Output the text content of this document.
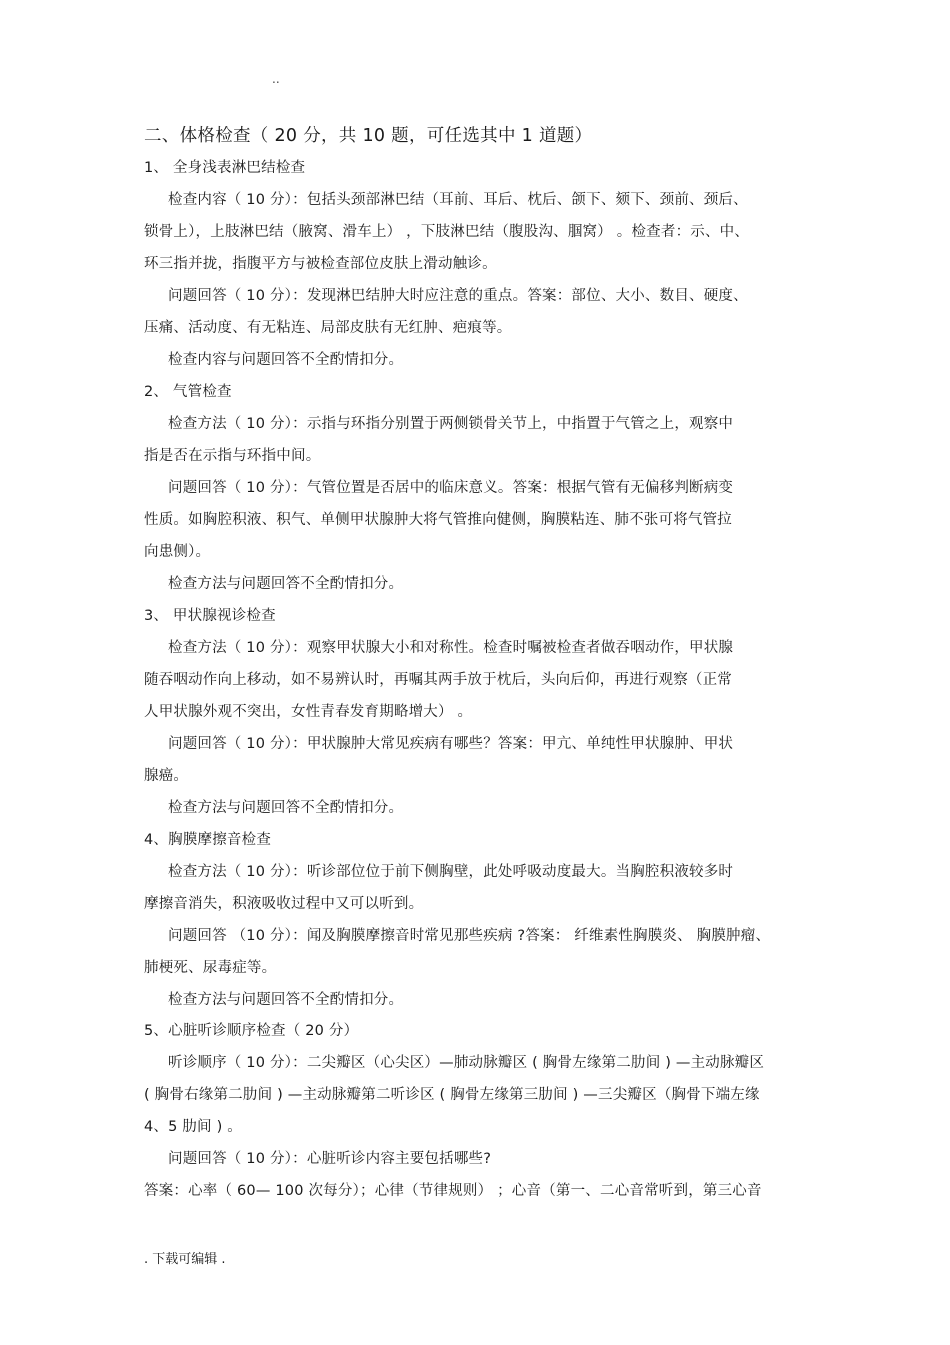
..
二、体格检查（ 20 分，共 10 题，可任选其中 1 道题）
1、 全身浅表淋巴结检查
检查内容（ 10 分）：包括头颈部淋巴结（耳前、耳后、枕后、颌下、颏下、颈前、颈后、
锁骨上），上肢淋巴结（腋窝、滑车上） ，下肢淋巴结（腹股沟、腘窝） 。检查者：示、中、
环三指并拢，指腹平方与被检查部位皮肤上滑动触诊。
问题回答（ 10 分）：发现淋巴结肿大时应注意的重点。答案：部位、大小、数目、硬度、
压痛、活动度、有无粘连、局部皮肤有无红肿、疤痕等。
检查内容与问题回答不全酌情扣分。
2、 气管检查
检查方法（ 10 分）：示指与环指分别置于两侧锁骨关节上，中指置于气管之上，观察中
指是否在示指与环指中间。
问题回答（ 10 分）：气管位置是否居中的临床意义。答案：根据气管有无偏移判断病变
性质。如胸腔积液、积气、单侧甲状腺肿大将气管推向健侧，胸膜粘连、肺不张可将气管拉
向患侧）。
检查方法与问题回答不全酌情扣分。
3、 甲状腺视诊检查
检查方法（ 10 分）：观察甲状腺大小和对称性。检查时嘱被检查者做吞咽动作，甲状腺
随吞咽动作向上移动，如不易辨认时，再嘱其两手放于枕后，头向后仰，再进行观察（正常
人甲状腺外观不突出，女性青春发育期略增大） 。
问题回答（ 10 分）：甲状腺肿大常见疾病有哪些？答案：甲亢、单纯性甲状腺肿、甲状
腺癌。
检查方法与问题回答不全酌情扣分。
4、胸膜摩擦音检查
检查方法（ 10 分）：听诊部位位于前下侧胸壁，此处呼吸动度最大。当胸腔积液较多时
摩擦音消失，积液吸收过程中又可以听到。
问题回答 （10 分）：闻及胸膜摩擦音时常见那些疾病 ?答案： 纤维素性胸膜炎、 胸膜肿瘤、
肺梗死、尿毒症等。
检查方法与问题回答不全酌情扣分。
5、心脏听诊顺序检查（ 20 分）
听诊顺序（ 10 分）：二尖瓣区（心尖区）—肺动脉瓣区 ( 胸骨左缘第二肋间 ) —主动脉瓣区
( 胸骨右缘第二肋间 ) —主动脉瓣第二听诊区 ( 胸骨左缘第三肋间 ) —三尖瓣区（胸骨下端左缘
4、5 肋间 ) 。
问题回答（ 10 分）：心脏听诊内容主要包括哪些?
答案：心率（ 60— 100 次每分）；心律（节律规则） ；心音（第一、二心音常听到，第三心音
. 下载可编辑 .
